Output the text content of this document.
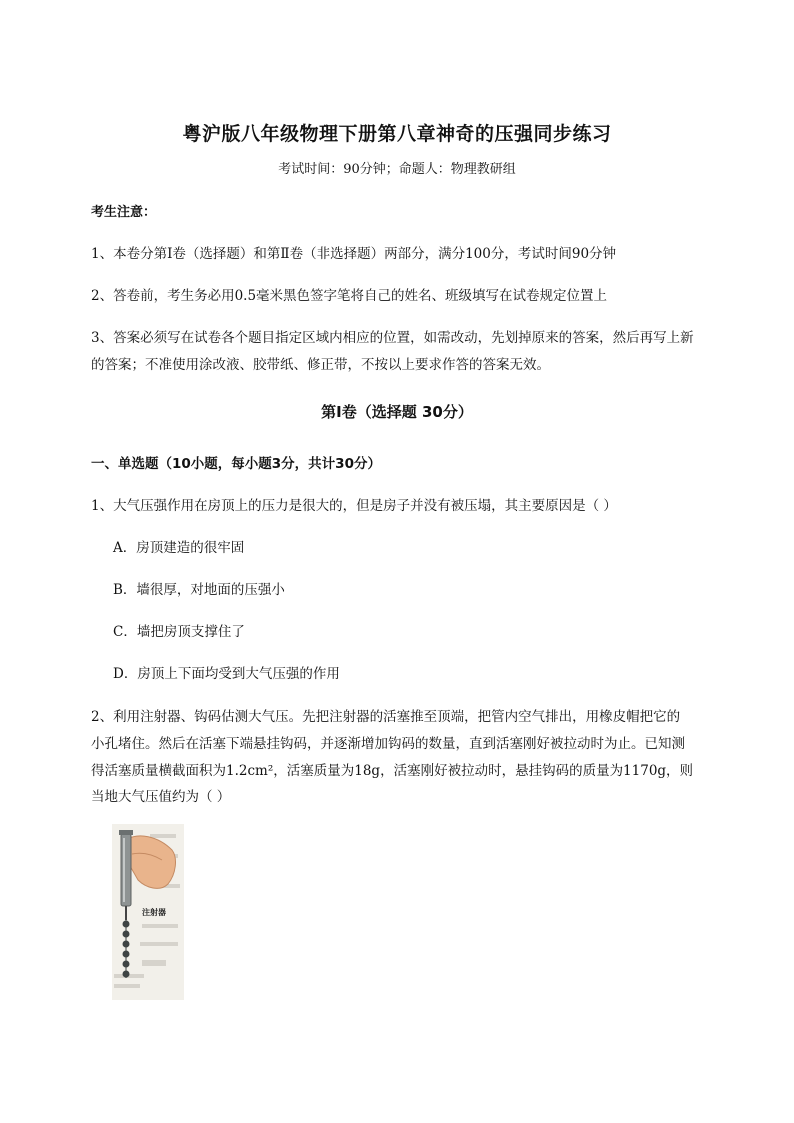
粤沪版八年级物理下册第八章神奇的压强同步练习
考试时间：90分钟；命题人：物理教研组
考生注意：
1、本卷分第Ⅰ卷（选择题）和第Ⅱ卷（非选择题）两部分，满分100分，考试时间90分钟
2、答卷前，考生务必用0.5毫米黑色签字笔将自己的姓名、班级填写在试卷规定位置上
3、答案必须写在试卷各个题目指定区域内相应的位置，如需改动，先划掉原来的答案，然后再写上新
的答案；不准使用涂改液、胶带纸、修正带，不按以上要求作答的答案无效。
第Ⅰ卷（选择题 30分）
一、单选题（10小题，每小题3分，共计30分）
1、大气压强作用在房顶上的压力是很大的，但是房子并没有被压塌，其主要原因是（ ）
A．房顶建造的很牢固
B．墙很厚，对地面的压强小
C．墙把房顶支撑住了
D．房顶上下面均受到大气压强的作用
2、利用注射器、钩码估测大气压。先把注射器的活塞推至顶端，把管内空气排出，用橡皮帽把它的
小孔堵住。然后在活塞下端悬挂钩码，并逐渐增加钩码的数量，直到活塞刚好被拉动时为止。已知测
得活塞质量横截面积为1.2cm²，活塞质量为18g，活塞刚好被拉动时，悬挂钩码的质量为1170g，则
当地大气压值约为（ ）
注射器
